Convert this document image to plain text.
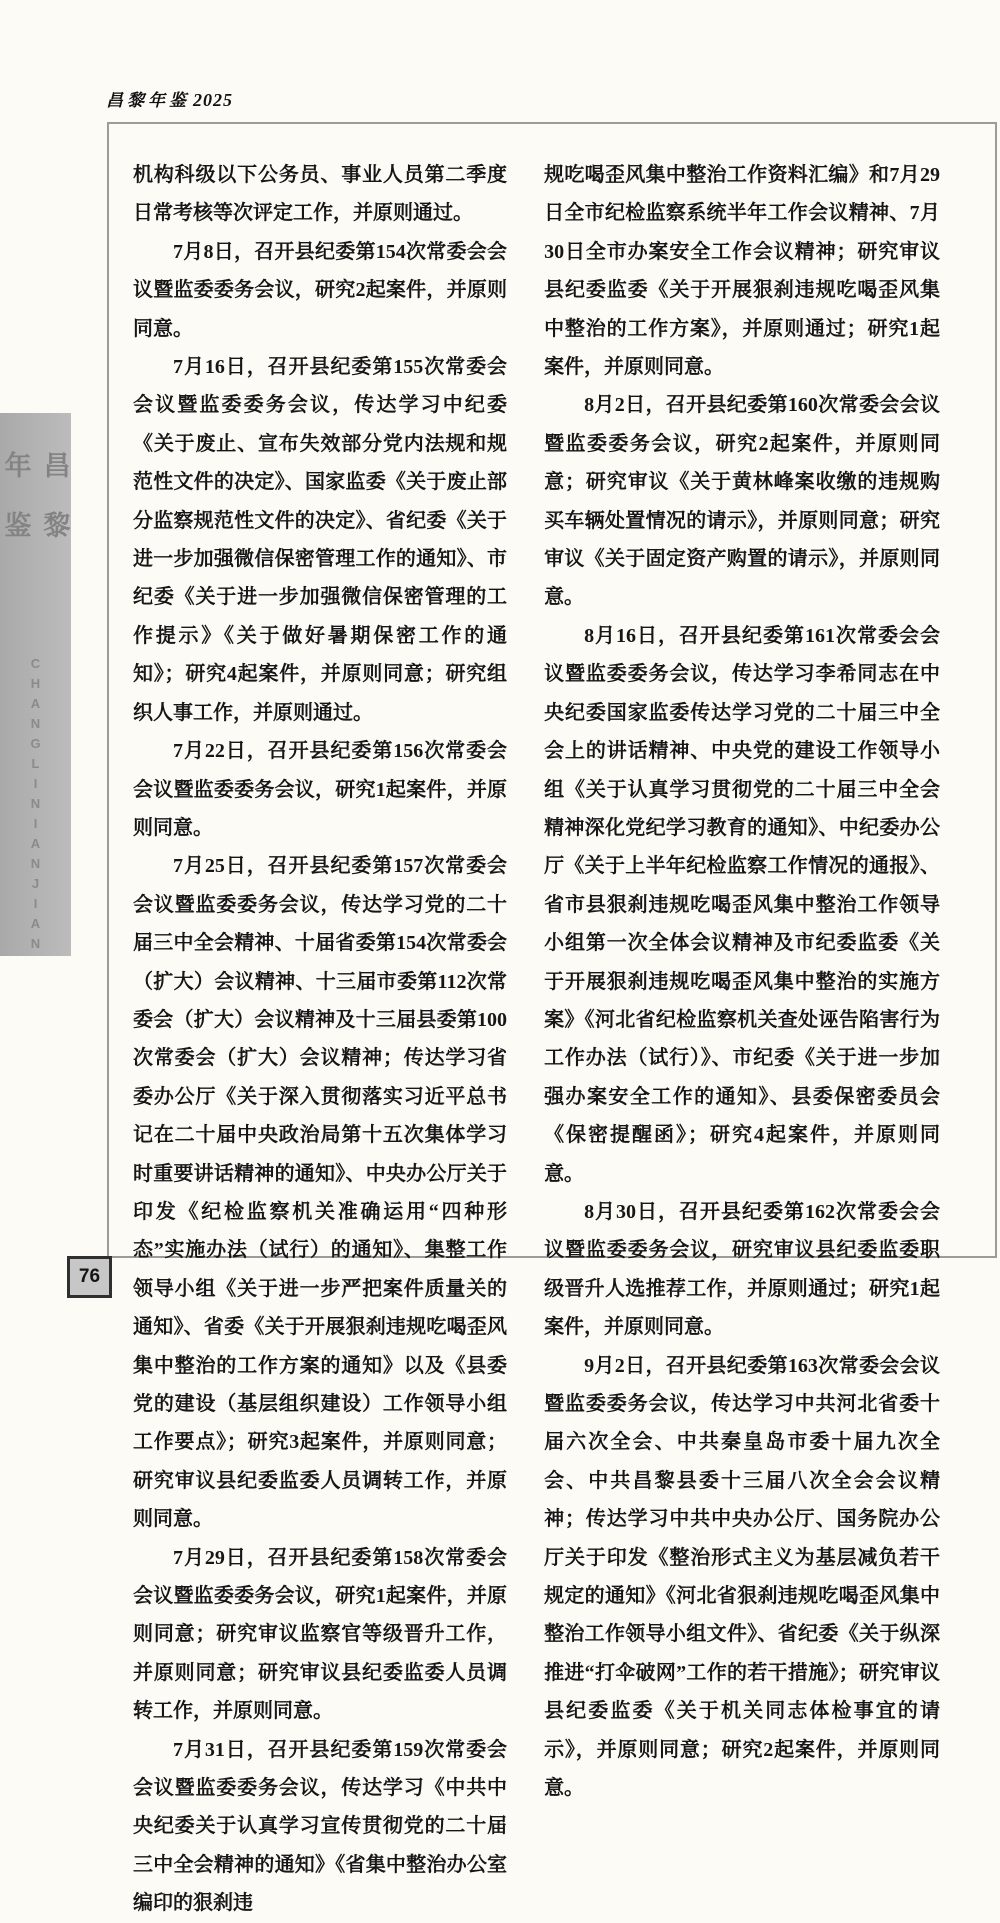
昌黎年鉴 2025
昌黎年鉴
CHANGLINIANJIAN

机构科级以下公务员、事业人员第二季度日常考核等次评定工作，并原则通过。

7月8日，召开县纪委第154次常委会会议暨监委委务会议，研究2起案件，并原则同意。

7月16日，召开县纪委第155次常委会会议暨监委委务会议，传达学习中纪委《关于废止、宣布失效部分党内法规和规范性文件的决定》、国家监委《关于废止部分监察规范性文件的决定》、省纪委《关于进一步加强微信保密管理工作的通知》、市纪委《关于进一步加强微信保密管理的工作提示》《关于做好暑期保密工作的通知》；研究4起案件，并原则同意；研究组织人事工作，并原则通过。

7月22日，召开县纪委第156次常委会会议暨监委委务会议，研究1起案件，并原则同意。

7月25日，召开县纪委第157次常委会会议暨监委委务会议，传达学习党的二十届三中全会精神、十届省委第154次常委会（扩大）会议精神、十三届市委第112次常委会（扩大）会议精神及十三届县委第100次常委会（扩大）会议精神；传达学习省委办公厅《关于深入贯彻落实习近平总书记在二十届中央政治局第十五次集体学习时重要讲话精神的通知》、中央办公厅关于印发《纪检监察机关准确运用“四种形态”实施办法（试行）的通知》、集整工作领导小组《关于进一步严把案件质量关的通知》、省委《关于开展狠刹违规吃喝歪风集中整治的工作方案的通知》以及《县委党的建设（基层组织建设）工作领导小组工作要点》；研究3起案件，并原则同意；研究审议县纪委监委人员调转工作，并原则同意。

7月29日，召开县纪委第158次常委会会议暨监委委务会议，研究1起案件，并原则同意；研究审议监察官等级晋升工作，并原则同意；研究审议县纪委监委人员调转工作，并原则同意。

7月31日，召开县纪委第159次常委会会议暨监委委务会议，传达学习《中共中央纪委关于认真学习宣传贯彻党的二十届三中全会精神的通知》《省集中整治办公室编印的狠刹违

规吃喝歪风集中整治工作资料汇编》和7月29日全市纪检监察系统半年工作会议精神、7月30日全市办案安全工作会议精神；研究审议县纪委监委《关于开展狠刹违规吃喝歪风集中整治的工作方案》，并原则通过；研究1起案件，并原则同意。

8月2日，召开县纪委第160次常委会会议暨监委委务会议，研究2起案件，并原则同意；研究审议《关于黄林峰案收缴的违规购买车辆处置情况的请示》，并原则同意；研究审议《关于固定资产购置的请示》，并原则同意。

8月16日，召开县纪委第161次常委会会议暨监委委务会议，传达学习李希同志在中央纪委国家监委传达学习党的二十届三中全会上的讲话精神、中央党的建设工作领导小组《关于认真学习贯彻党的二十届三中全会精神深化党纪学习教育的通知》、中纪委办公厅《关于上半年纪检监察工作情况的通报》、省市县狠刹违规吃喝歪风集中整治工作领导小组第一次全体会议精神及市纪委监委《关于开展狠刹违规吃喝歪风集中整治的实施方案》《河北省纪检监察机关查处诬告陷害行为工作办法（试行）》、市纪委《关于进一步加强办案安全工作的通知》、县委保密委员会《保密提醒函》；研究4起案件，并原则同意。

8月30日，召开县纪委第162次常委会会议暨监委委务会议，研究审议县纪委监委职级晋升人选推荐工作，并原则通过；研究1起案件，并原则同意。

9月2日，召开县纪委第163次常委会会议暨监委委务会议，传达学习中共河北省委十届六次全会、中共秦皇岛市委十届九次全会、中共昌黎县委十三届八次全会会议精神；传达学习中共中央办公厅、国务院办公厅关于印发《整治形式主义为基层减负若干规定的通知》《河北省狠刹违规吃喝歪风集中整治工作领导小组文件》、省纪委《关于纵深推进“打伞破网”工作的若干措施》；研究审议县纪委监委《关于机关同志体检事宜的请示》，并原则同意；研究2起案件，并原则同意。

76
